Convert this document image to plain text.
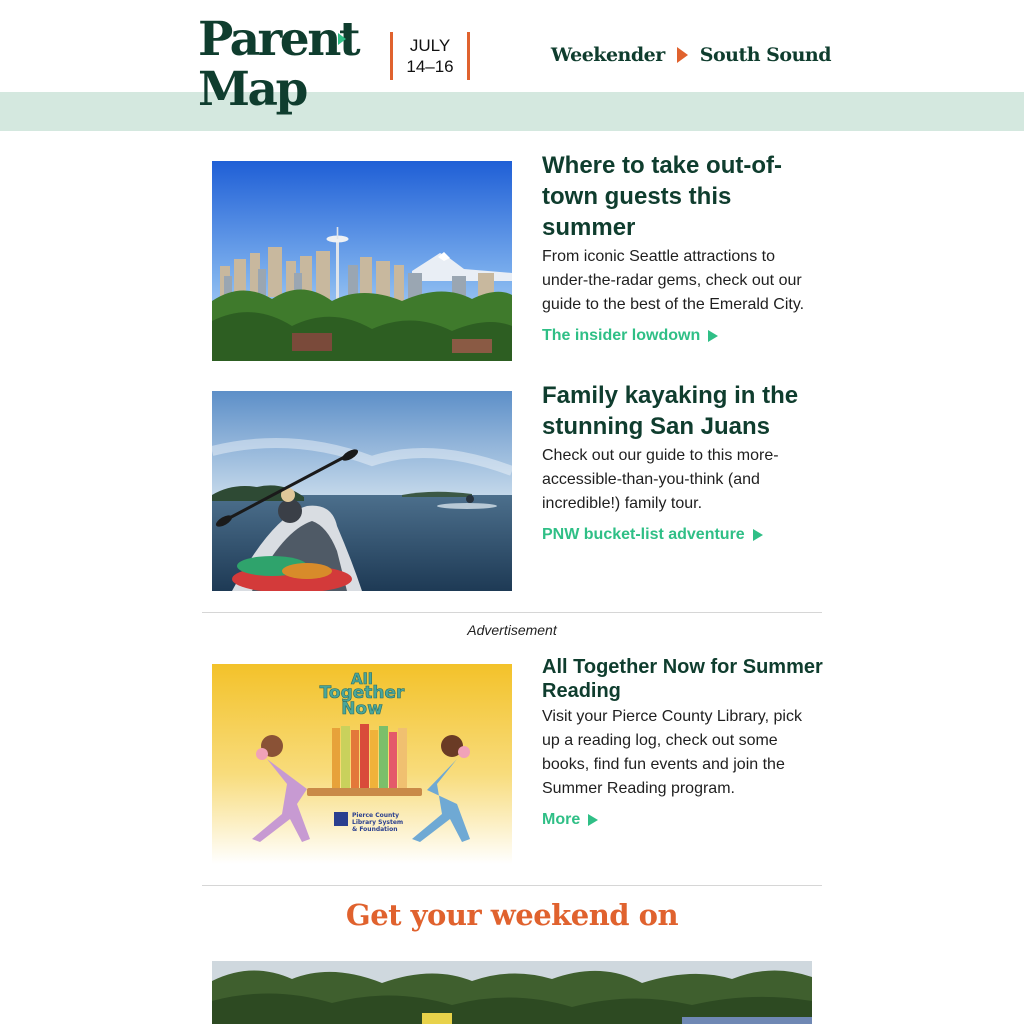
Parent
Map
JULY
14–16
Weekender South Sound
Where to take out-of-town guests this summer

From iconic Seattle attractions to under-the-radar gems, check out our guide to the best of the Emerald City.

The insider lowdown
Family kayaking in the stunning San Juans

Check out our guide to this more-accessible-than-you-think (and incredible!) family tour.

PNW bucket-list adventure
Advertisement
All
Together
Now
Pierce County
Library System
& Foundation
All Together Now for Summer Reading

Visit your Pierce County Library, pick up a reading log, check out some books, find fun events and join the Summer Reading program.

More
Get your weekend on
